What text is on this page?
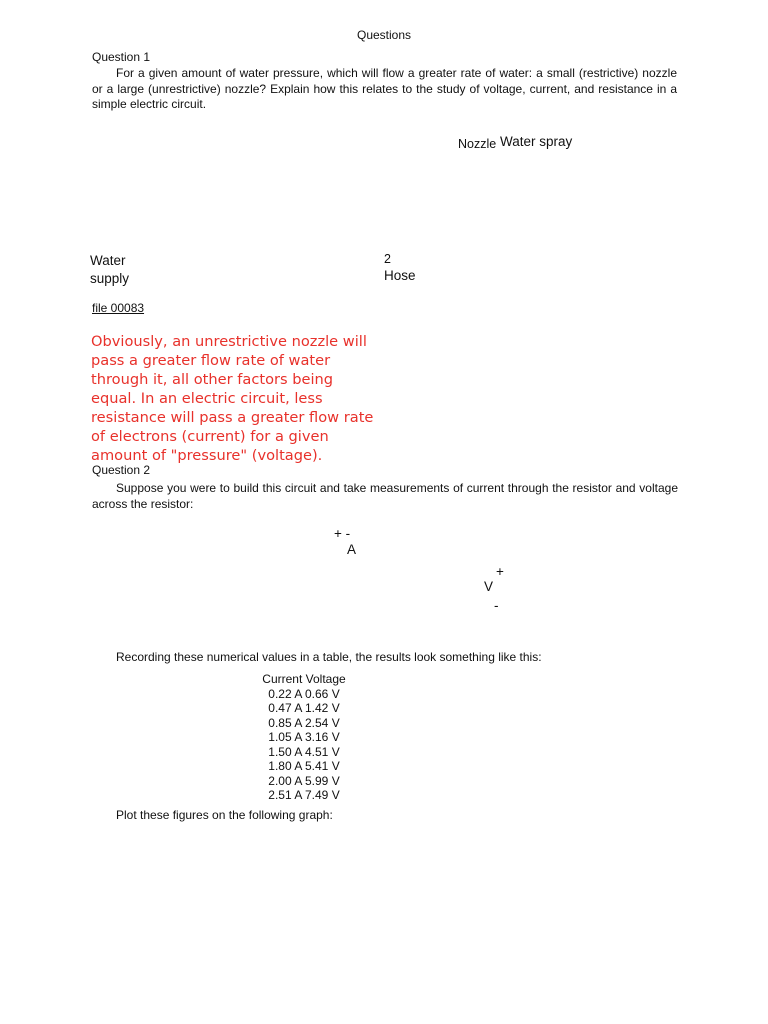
Questions
Question 1
For a given amount of water pressure, which will flow a greater rate of water: a small (restrictive) nozzle or a large (unrestrictive) nozzle? Explain how this relates to the study of voltage, current, and resistance in a simple electric circuit.
Nozzle Water spray
Water
supply
2
Hose
file 00083
Obviously, an unrestrictive nozzle will
pass a greater flow rate of water
through it, all other factors being
equal. In an electric circuit, less
resistance will pass a greater flow rate
of electrons (current) for a given
amount of "pressure" (voltage).
Question 2
Suppose you were to build this circuit and take measurements of current through the resistor and voltage across the resistor:
+ -
A
+
V
-
Recording these numerical values in a table, the results look something like this:
Current Voltage
0.22 A 0.66 V
0.47 A 1.42 V
0.85 A 2.54 V
1.05 A 3.16 V
1.50 A 4.51 V
1.80 A 5.41 V
2.00 A 5.99 V
2.51 A 7.49 V
Plot these figures on the following graph:
